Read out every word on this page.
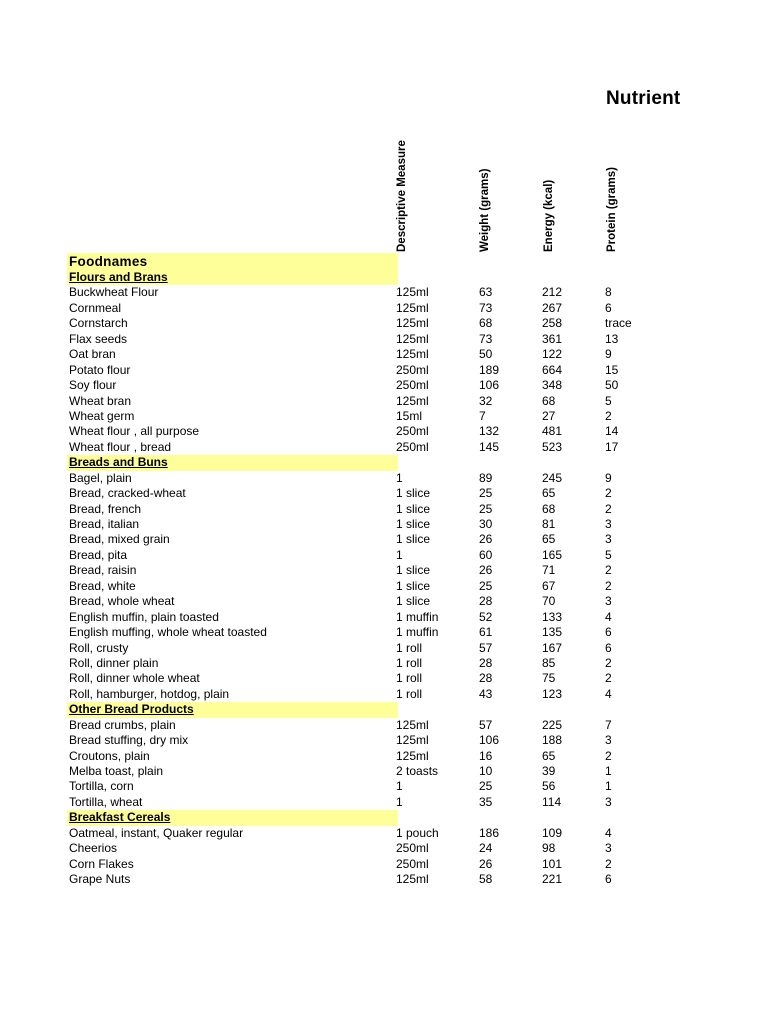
Nutrient
Descriptive Measure	Weight (grams)	Energy (kcal)	Protein (grams)
Foodnames
Flours and Brans
Buckwheat Flour	125ml	63	212	8
Cornmeal	125ml	73	267	6
Cornstarch	125ml	68	258	trace
Flax seeds	125ml	73	361	13
Oat bran	125ml	50	122	9
Potato flour	250ml	189	664	15
Soy flour	250ml	106	348	50
Wheat bran	125ml	32	68	5
Wheat germ	15ml	7	27	2
Wheat flour , all purpose	250ml	132	481	14
Wheat flour , bread	250ml	145	523	17
Breads and Buns
Bagel, plain	1	89	245	9
Bread, cracked-wheat	1 slice	25	65	2
Bread, french	1 slice	25	68	2
Bread, italian	1 slice	30	81	3
Bread, mixed grain	1 slice	26	65	3
Bread, pita	1	60	165	5
Bread, raisin	1 slice	26	71	2
Bread, white	1 slice	25	67	2
Bread, whole wheat	1 slice	28	70	3
English muffin, plain toasted	1 muffin	52	133	4
English muffing, whole wheat toasted	1 muffin	61	135	6
Roll, crusty	1 roll	57	167	6
Roll, dinner plain	1 roll	28	85	2
Roll, dinner whole wheat	1 roll	28	75	2
Roll, hamburger, hotdog, plain	1 roll	43	123	4
Other Bread Products
Bread crumbs, plain	125ml	57	225	7
Bread stuffing, dry mix	125ml	106	188	3
Croutons, plain	125ml	16	65	2
Melba toast, plain	2 toasts	10	39	1
Tortilla, corn	1	25	56	1
Tortilla, wheat	1	35	114	3
Breakfast Cereals
Oatmeal, instant, Quaker regular	1 pouch	186	109	4
Cheerios	250ml	24	98	3
Corn Flakes	250ml	26	101	2
Grape Nuts	125ml	58	221	6
